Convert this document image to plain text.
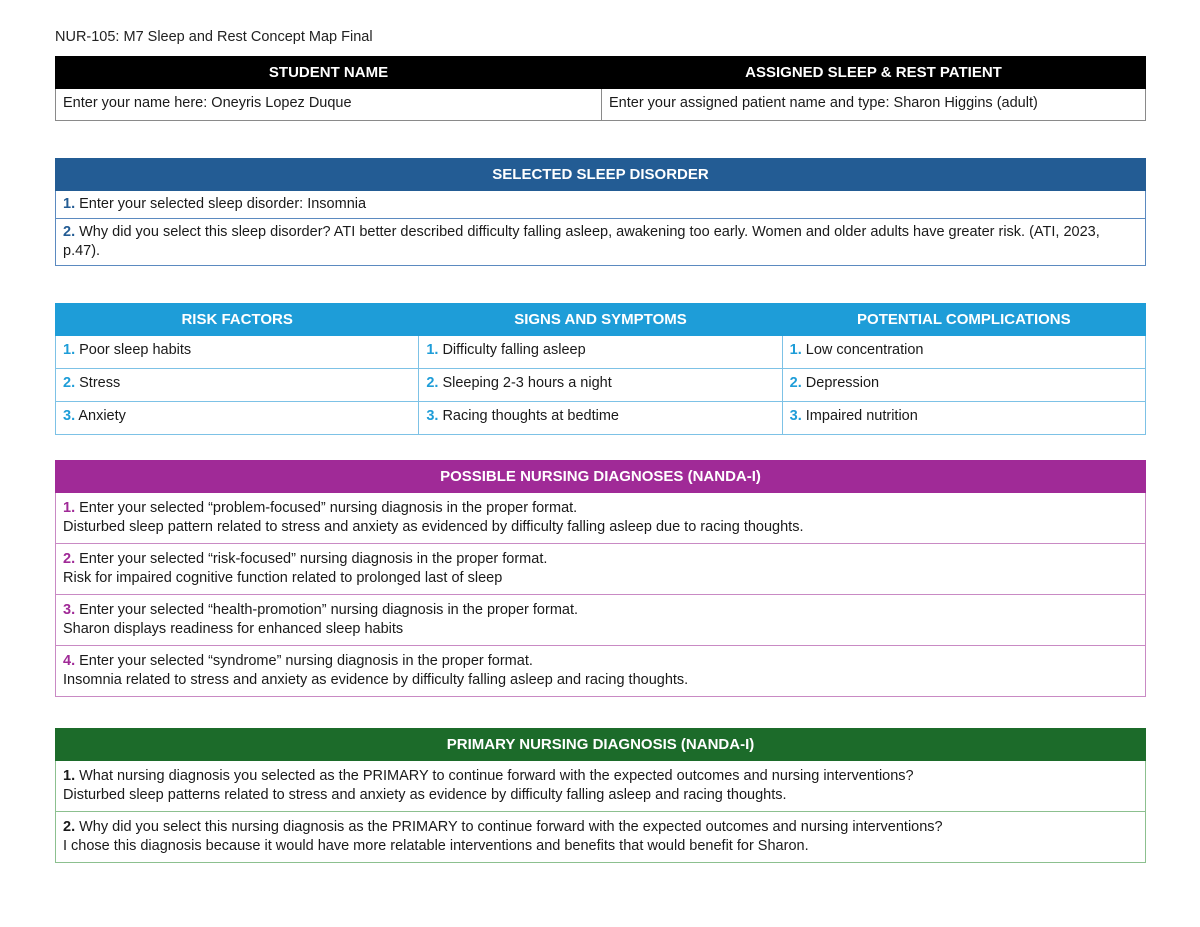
NUR-105: M7 Sleep and Rest Concept Map Final
STUDENT NAME	ASSIGNED SLEEP & REST PATIENT
Enter your name here: Oneyris Lopez Duque	Enter your assigned patient name and type: Sharon Higgins (adult)
SELECTED SLEEP DISORDER
1. Enter your selected sleep disorder: Insomnia
2. Why did you select this sleep disorder? ATI better described difficulty falling asleep, awakening too early. Women and older adults have greater risk. (ATI, 2023, p.47).
RISK FACTORS	SIGNS AND SYMPTOMS	POTENTIAL COMPLICATIONS
1. Poor sleep habits	1. Difficulty falling asleep	1. Low concentration
2. Stress	2. Sleeping 2-3 hours a night	2. Depression
3. Anxiety	3. Racing thoughts at bedtime	3. Impaired nutrition
POSSIBLE NURSING DIAGNOSES (NANDA-I)
1. Enter your selected “problem-focused” nursing diagnosis in the proper format.
Disturbed sleep pattern related to stress and anxiety as evidenced by difficulty falling asleep due to racing thoughts.
2. Enter your selected “risk-focused” nursing diagnosis in the proper format.
Risk for impaired cognitive function related to prolonged last of sleep
3. Enter your selected “health-promotion” nursing diagnosis in the proper format.
Sharon displays readiness for enhanced sleep habits
4. Enter your selected “syndrome” nursing diagnosis in the proper format.
Insomnia related to stress and anxiety as evidence by difficulty falling asleep and racing thoughts.
PRIMARY NURSING DIAGNOSIS (NANDA-I)
1. What nursing diagnosis you selected as the PRIMARY to continue forward with the expected outcomes and nursing interventions?
Disturbed sleep patterns related to stress and anxiety as evidence by difficulty falling asleep and racing thoughts.
2. Why did you select this nursing diagnosis as the PRIMARY to continue forward with the expected outcomes and nursing interventions?
I chose this diagnosis because it would have more relatable interventions and benefits that would benefit for Sharon.
